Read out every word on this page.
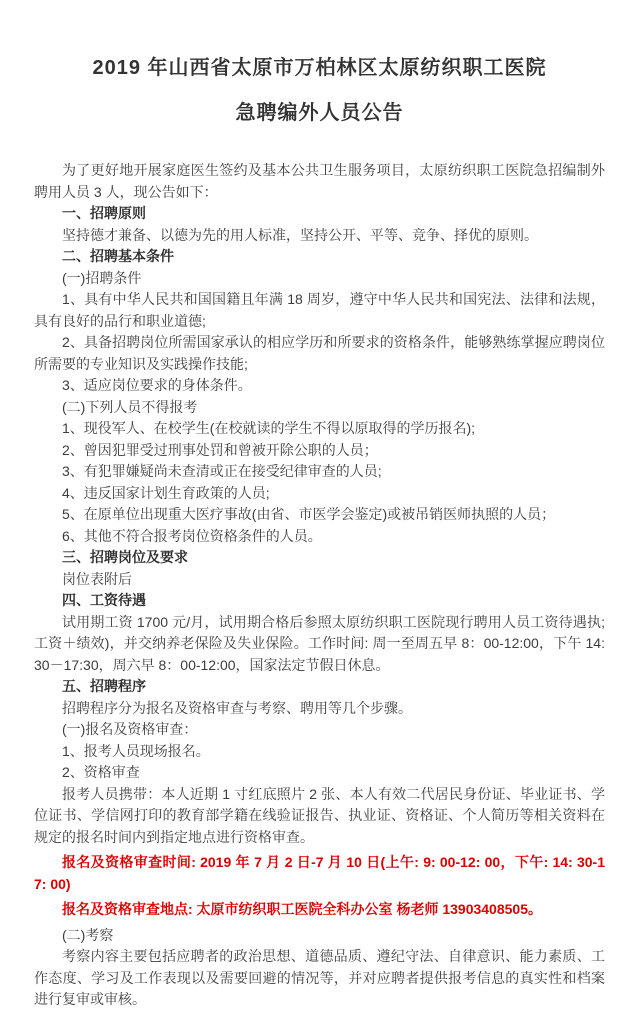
2019 年山西省太原市万柏林区太原纺织职工医院
急聘编外人员公告

为了更好地开展家庭医生签约及基本公共卫生服务项目，太原纺织职工医院急招编制外聘用人员 3 人，现公告如下：

一、招聘原则

坚持德才兼备、以德为先的用人标准，坚持公开、平等、竞争、择优的原则。

二、招聘基本条件

(一)招聘条件

1、具有中华人民共和国国籍且年满 18 周岁，遵守中华人民共和国宪法、法律和法规，具有良好的品行和职业道德;

2、具备招聘岗位所需国家承认的相应学历和所要求的资格条件，能够熟练掌握应聘岗位所需要的专业知识及实践操作技能;

3、适应岗位要求的身体条件。

(二)下列人员不得报考

1、现役军人、在校学生(在校就读的学生不得以原取得的学历报名);

2、曾因犯罪受过刑事处罚和曾被开除公职的人员；

3、有犯罪嫌疑尚未查清或正在接受纪律审查的人员;

4、违反国家计划生育政策的人员;

5、在原单位出现重大医疗事故(由省、市医学会鉴定)或被吊销医师执照的人员；

6、其他不符合报考岗位资格条件的人员。

三、招聘岗位及要求

岗位表附后

四、工资待遇

试用期工资 1700 元/月，试用期合格后参照太原纺织职工医院现行聘用人员工资待遇执;工资＋绩效)，并交纳养老保险及失业保险。工作时间: 周一至周五早 8：00-12:00，下午 14:30－17:30，周六早 8：00-12:00，国家法定节假日休息。

五、招聘程序

招聘程序分为报名及资格审查与考察、聘用等几个步骤。

(一)报名及资格审查：

1、报考人员现场报名。

2、资格审查

报考人员携带：本人近期 1 寸红底照片 2 张、本人有效二代居民身份证、毕业证书、学位证书、学信网打印的教育部学籍在线验证报告、执业证、资格证、个人简历等相关资料在规定的报名时间内到指定地点进行资格审查。

报名及资格审查时间: 2019 年 7 月 2 日-7 月 10 日(上午: 9: 00-12: 00，下午: 14: 30-17: 00)

报名及资格审查地点: 太原市纺织职工医院全科办公室 杨老师 13903408505。

(二)考察

考察内容主要包括应聘者的政治思想、道德品质、遵纪守法、自律意识、能力素质、工作态度、学习及工作表现以及需要回避的情况等，并对应聘者提供报考信息的真实性和档案进行复审或审核。
